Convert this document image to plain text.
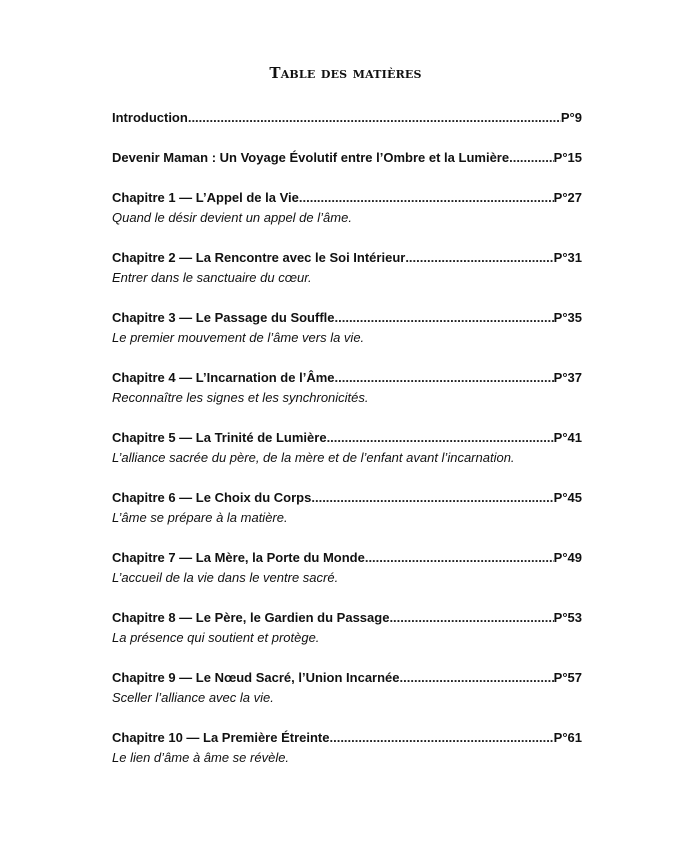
Table des matières
Introduction .....	P°9
Devenir Maman : Un Voyage Évolutif entre l’Ombre et la Lumière .....	P°15
Chapitre 1 — L’Appel de la Vie .....	P°27
Quand le désir devient un appel de l’âme.
Chapitre 2 — La Rencontre avec le Soi Intérieur .....	P°31
Entrer dans le sanctuaire du cœur.
Chapitre 3 — Le Passage du Souffle .....	P°35
Le premier mouvement de l’âme vers la vie.
Chapitre 4 — L’Incarnation de l’Âme .....	P°37
Reconnaître les signes et les synchronicités.
Chapitre 5 — La Trinité de Lumière .....	P°41
L’alliance sacrée du père, de la mère et de l’enfant avant l’incarnation.
Chapitre 6 — Le Choix du Corps .....	P°45
L’âme se prépare à la matière.
Chapitre 7 — La Mère, la Porte du Monde .....	P°49
L’accueil de la vie dans le ventre sacré.
Chapitre 8 — Le Père, le Gardien du Passage .....	P°53
La présence qui soutient et protège.
Chapitre 9 — Le Nœud Sacré, l’Union Incarnée .....	P°57
Sceller l’alliance avec la vie.
Chapitre 10 — La Première Étreinte .....	P°61
Le lien d’âme à âme se révèle.
